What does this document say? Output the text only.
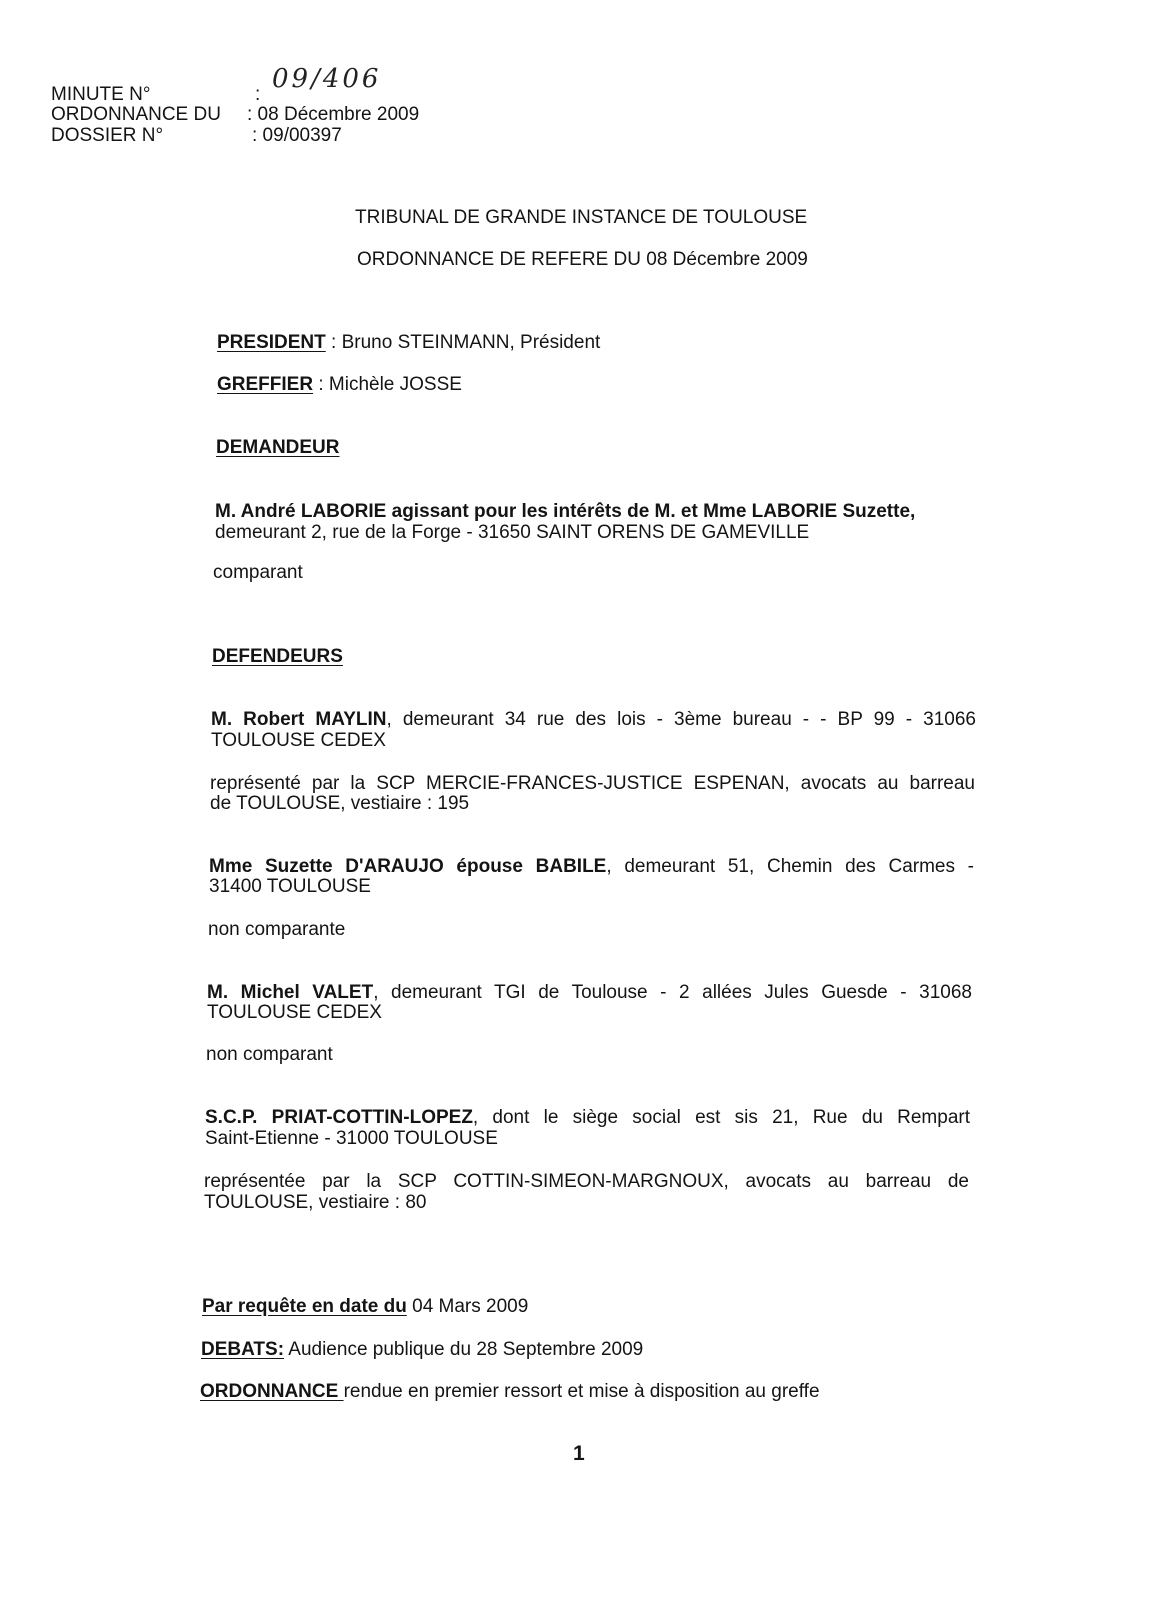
MINUTE N°	:
09/406
ORDONNANCE DU : 08 Décembre 2009
DOSSIER N°	: 09/00397
TRIBUNAL DE GRANDE INSTANCE DE TOULOUSE
ORDONNANCE DE REFERE DU 08 Décembre 2009
PRESIDENT : Bruno STEINMANN, Président
GREFFIER : Michèle JOSSE
DEMANDEUR
M. André LABORIE agissant pour les intérêts de M. et Mme LABORIE Suzette,
demeurant 2, rue de la Forge - 31650 SAINT ORENS DE GAMEVILLE
comparant
DEFENDEURS
M. Robert MAYLIN, demeurant 34 rue des lois - 3ème bureau - - BP 99 - 31066
TOULOUSE CEDEX
représenté par la SCP MERCIE-FRANCES-JUSTICE ESPENAN, avocats au barreau
de TOULOUSE, vestiaire : 195
Mme Suzette D'ARAUJO épouse BABILE, demeurant 51, Chemin des Carmes -
31400 TOULOUSE
non comparante
M. Michel VALET, demeurant TGI de Toulouse - 2 allées Jules Guesde - 31068
TOULOUSE CEDEX
non comparant
S.C.P. PRIAT-COTTIN-LOPEZ, dont le siège social est sis 21, Rue du Rempart
Saint-Etienne - 31000 TOULOUSE
représentée par la SCP COTTIN-SIMEON-MARGNOUX, avocats au barreau de
TOULOUSE, vestiaire : 80
Par requête en date du 04 Mars 2009
DEBATS: Audience publique du 28 Septembre 2009
ORDONNANCE rendue en premier ressort et mise à disposition au greffe
1
